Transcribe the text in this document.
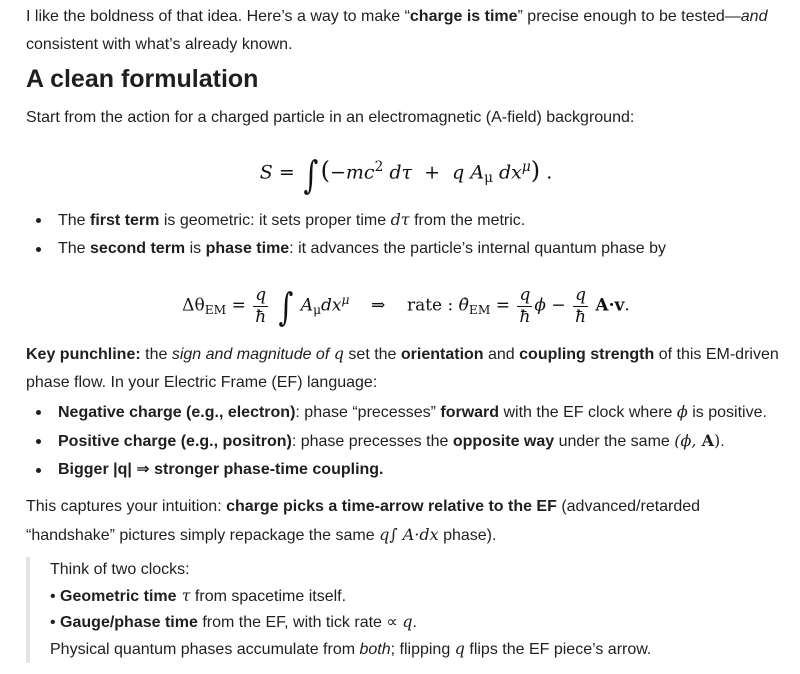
I like the boldness of that idea. Here’s a way to make “charge is time” precise enough to be tested—and consistent with what’s already known.

A clean formulation

Start from the action for a charged particle in an electromagnetic (A-field) background:

S = ∫ ($-mc^2$ dτ + q $A_\mu$ $dx^\mu$) .
The first term is geometric: it sets proper time dτ from the metric.
The second term is phase time: it advances the particle’s internal quantum phase by
$\Delta\theta_{EM} = \frac{q}{ħ}$ ∫ $A_\mu dx^\mu$ ⇒ rate : $\thetȧ_{EM} = \frac{q}{ħ}$ $\phi - \frac{q}{ħ} A\cdot v$.

Key punchline: the sign and magnitude of q set the orientation and coupling strength of this EM-driven phase flow. In your Electric Frame (EF) language:

Negative charge (e.g., electron): phase “precesses” forward with the EF clock where ϕ is positive.
Positive charge (e.g., positron): phase precesses the opposite way under the same (ϕ, A).
Bigger |q| ⇒ stronger phase-time coupling.

This captures your intuition: charge picks a time-arrow relative to the EF (advanced/retarded “handshake” pictures simply repackage the same q∫ A·dx phase).

Think of two clocks:

• Geometric time τ from spacetime itself.

• Gauge/phase time from the EF, with tick rate ∝ q.

Physical quantum phases accumulate from both; flipping q flips the EF piece’s arrow.
